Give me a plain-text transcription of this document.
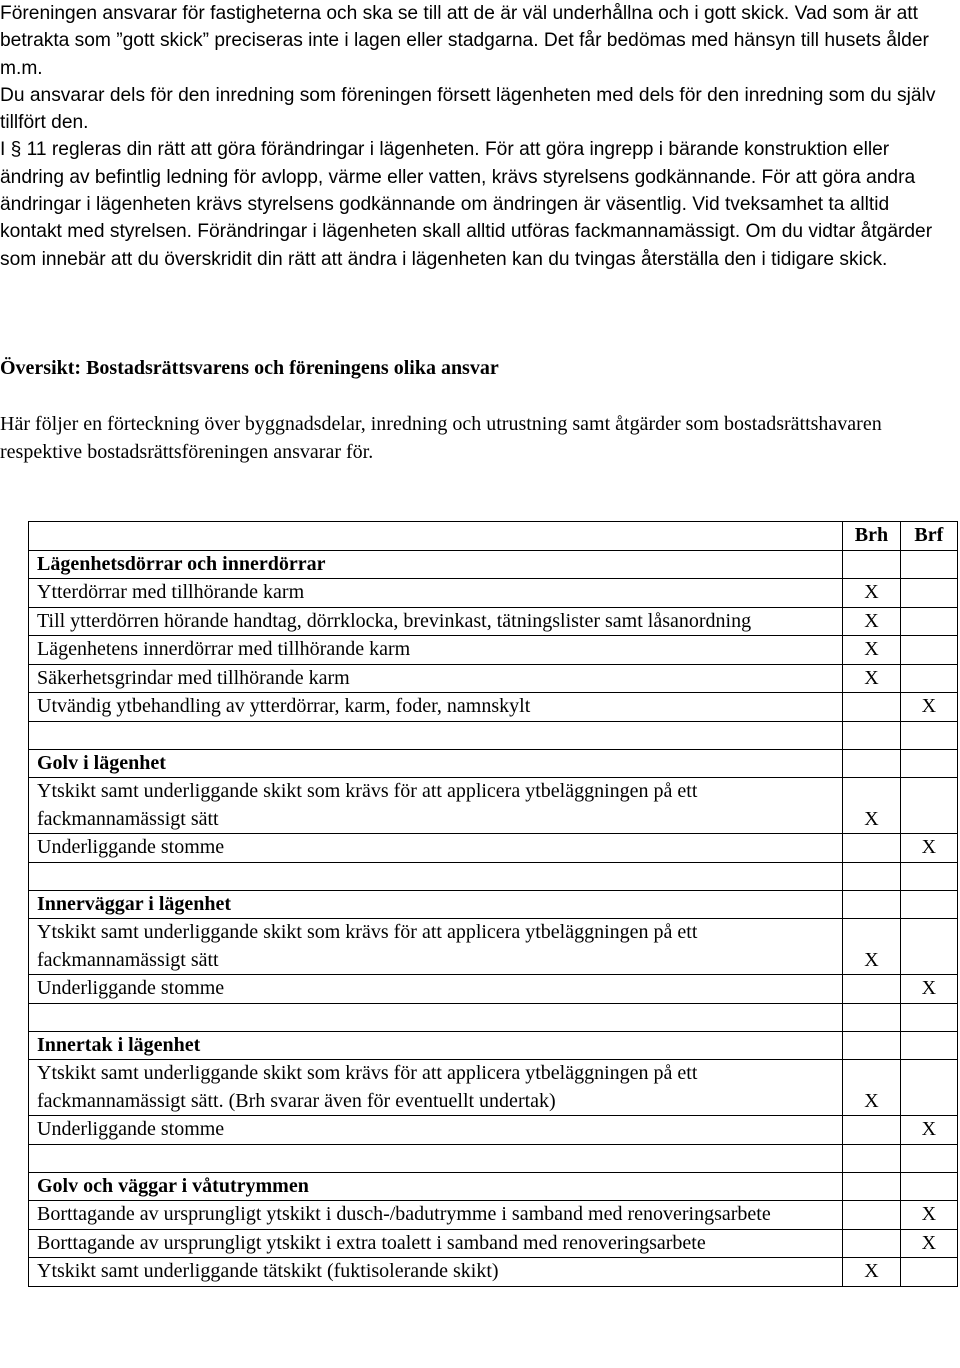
Föreningen ansvarar för fastigheterna och ska se till att de är väl underhållna och i gott skick. Vad som är att betrakta som ”gott skick” preciseras inte i lagen eller stadgarna. Det får bedömas med hänsyn till husets ålder m.m.

Du ansvarar dels för den inredning som föreningen försett lägenheten med dels för den inredning som du själv tillfört den.

I § 11 regleras din rätt att göra förändringar i lägenheten. För att göra ingrepp i bärande konstruktion eller ändring av befintlig ledning för avlopp, värme eller vatten, krävs styrelsens godkännande. För att göra andra ändringar i lägenheten krävs styrelsens godkännande om ändringen är väsentlig. Vid tveksamhet ta alltid kontakt med styrelsen. Förändringar i lägenheten skall alltid utföras fackmannamässigt. Om du vidtar åtgärder som innebär att du överskridit din rätt att ändra i lägenheten kan du tvingas återställa den i tidigare skick.

Översikt: Bostadsrättsvarens och föreningens olika ansvar

Här följer en förteckning över byggnadsdelar, inredning och utrustning samt åtgärder som bostadsrättshavaren respektive bostadsrättsföreningen ansvarar för.

	Brh	Brf
Lägenhetsdörrar och innerdörrar		
Ytterdörrar med tillhörande karm	X	
Till ytterdörren hörande handtag, dörrklocka, brevinkast, tätningslister samt låsanordning	X	
Lägenhetens innerdörrar med tillhörande karm	X	
Säkerhetsgrindar med tillhörande karm	X	
Utvändig ytbehandling av ytterdörrar, karm, foder, namnskylt		X

Golv i lägenhet		
Ytskikt samt underliggande skikt som krävs för att applicera ytbeläggningen på ett fackmannamässigt sätt	X	
Underliggande stomme		X

Innerväggar i lägenhet		
Ytskikt samt underliggande skikt som krävs för att applicera ytbeläggningen på ett fackmannamässigt sätt	X	
Underliggande stomme		X

Innertak i lägenhet		
Ytskikt samt underliggande skikt som krävs för att applicera ytbeläggningen på ett fackmannamässigt sätt. (Brh svarar även för eventuellt undertak)	X	
Underliggande stomme		X

Golv och väggar i våtutrymmen		
Borttagande av ursprungligt ytskikt i dusch-/badutrymme i samband med renoveringsarbete		X
Borttagande av ursprungligt ytskikt i extra toalett i samband med renoveringsarbete		X
Ytskikt samt underliggande tätskikt (fuktisolerande skikt)	X	
